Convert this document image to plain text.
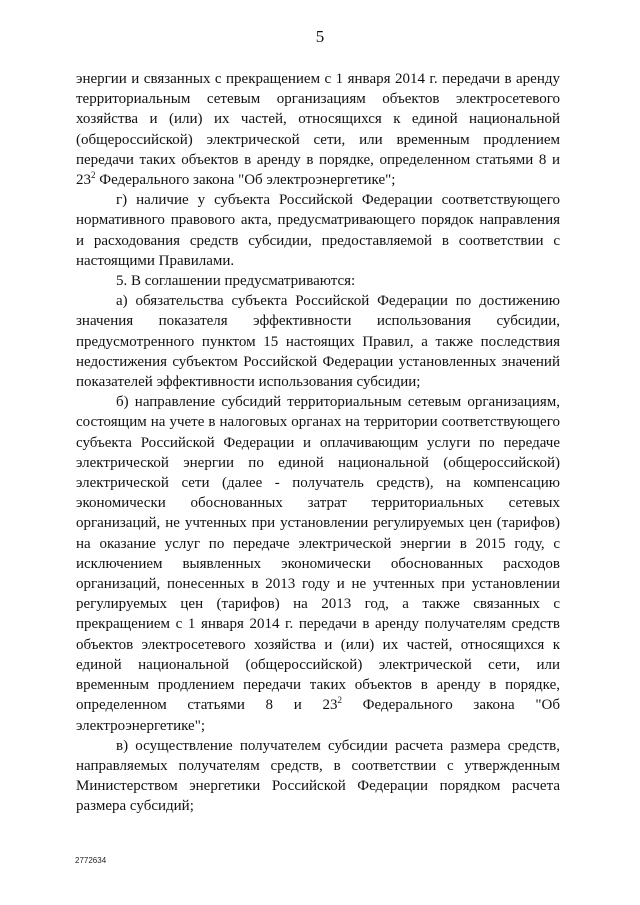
5

энергии и связанных с прекращением с 1 января 2014 г. передачи в аренду территориальным сетевым организациям объектов электросетевого хозяйства и (или) их частей, относящихся к единой национальной (общероссийской) электрической сети, или временным продлением передачи таких объектов в аренду в порядке, определенном статьями 8 и $23^2$ Федерального закона "Об электроэнергетике";

г) наличие у субъекта Российской Федерации соответствующего нормативного правового акта, предусматривающего порядок направления и расходования средств субсидии, предоставляемой в соответствии с настоящими Правилами.

5. В соглашении предусматриваются:

а) обязательства субъекта Российской Федерации по достижению значения показателя эффективности использования субсидии, предусмотренного пунктом 15 настоящих Правил, а также последствия недостижения субъектом Российской Федерации установленных значений показателей эффективности использования субсидии;

б) направление субсидий территориальным сетевым организациям, состоящим на учете в налоговых органах на территории соответствующего субъекта Российской Федерации и оплачивающим услуги по передаче электрической энергии по единой национальной (общероссийской) электрической сети (далее - получатель средств), на компенсацию экономически обоснованных затрат территориальных сетевых организаций, не учтенных при установлении регулируемых цен (тарифов) на оказание услуг по передаче электрической энергии в 2015 году, с исключением выявленных экономически обоснованных расходов организаций, понесенных в 2013 году и не учтенных при установлении регулируемых цен (тарифов) на 2013 год, а также связанных с прекращением с 1 января 2014 г. передачи в аренду получателям средств объектов электросетевого хозяйства и (или) их частей, относящихся к единой национальной (общероссийской) электрической сети, или временным продлением передачи таких объектов в аренду в порядке, определенном статьями 8 и $23^2$ Федерального закона "Об электроэнергетике";

в) осуществление получателем субсидии расчета размера средств, направляемых получателям средств, в соответствии с утвержденным Министерством энергетики Российской Федерации порядком расчета размера субсидий;

2772634
